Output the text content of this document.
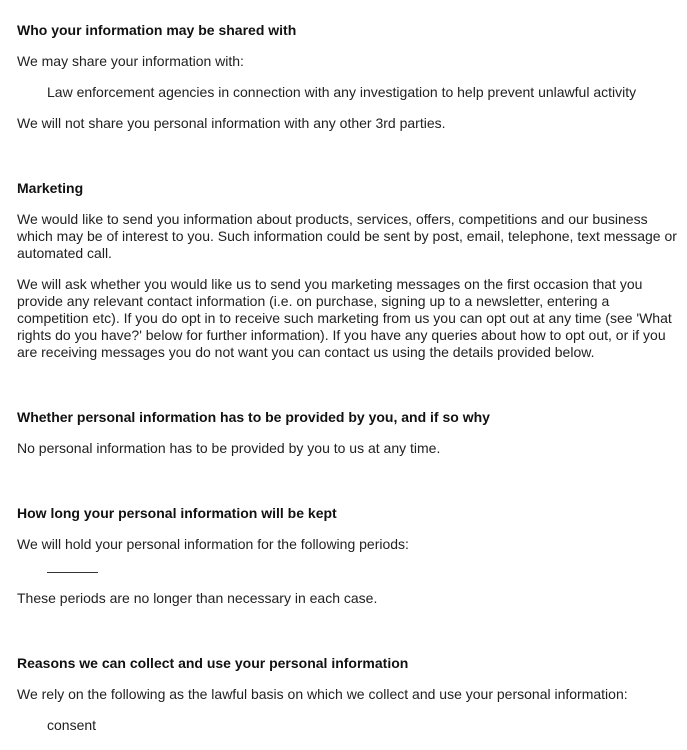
Who your information may be shared with
We may share your information with:
Law enforcement agencies in connection with any investigation to help prevent unlawful activity
We will not share you personal information with any other 3rd parties.
Marketing
We would like to send you information about products, services, offers, competitions and our business which may be of interest to you. Such information could be sent by post, email, telephone, text message or automated call.
We will ask whether you would like us to send you marketing messages on the first occasion that you provide any relevant contact information (i.e. on purchase, signing up to a newsletter, entering a competition etc). If you do opt in to receive such marketing from us you can opt out at any time (see 'What rights do you have?' below for further information). If you have any queries about how to opt out, or if you are receiving messages you do not want you can contact us using the details provided below.
Whether personal information has to be provided by you, and if so why
No personal information has to be provided by you to us at any time.
How long your personal information will be kept
We will hold your personal information for the following periods:
These periods are no longer than necessary in each case.
Reasons we can collect and use your personal information
We rely on the following as the lawful basis on which we collect and use your personal information:
consent
